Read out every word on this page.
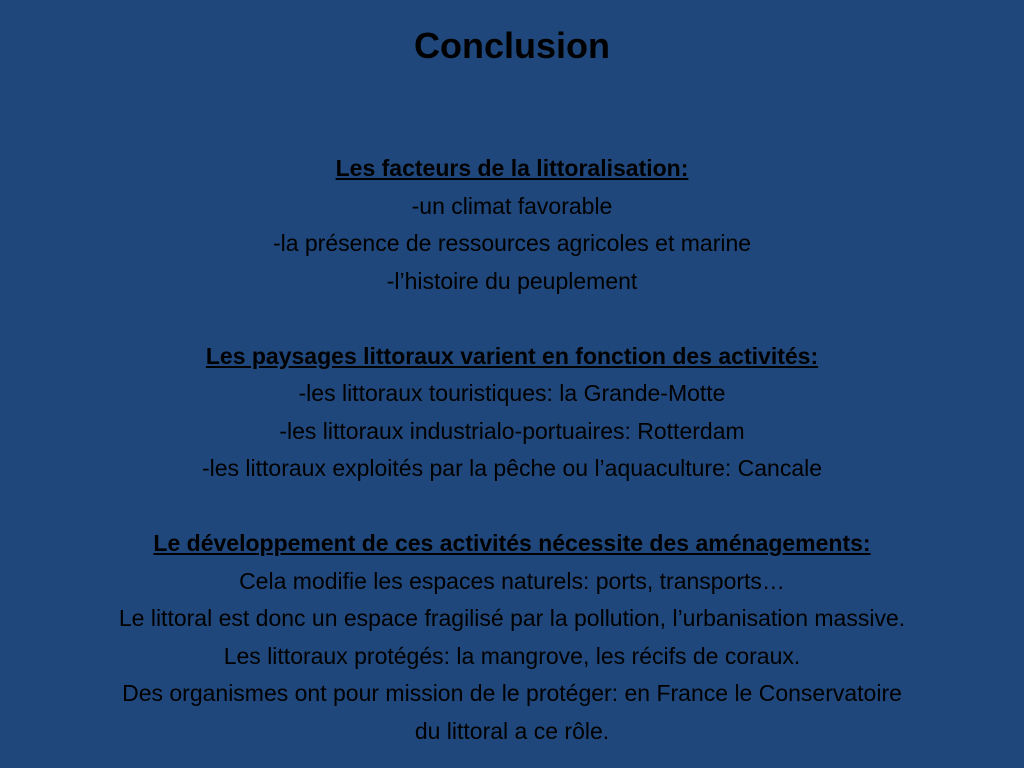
Conclusion
Les facteurs de la littoralisation:
-un climat favorable
-la présence de ressources agricoles et marine
-l’histoire du peuplement
Les paysages littoraux varient en fonction des activités:
-les littoraux touristiques: la Grande-Motte
-les littoraux industrialo-portuaires: Rotterdam
-les littoraux exploités par la pêche ou l’aquaculture: Cancale
Le développement de ces activités nécessite des aménagements:
Cela modifie les espaces naturels: ports, transports…
Le littoral est donc un espace fragilisé par la pollution, l’urbanisation massive.
Les littoraux protégés: la mangrove, les récifs de coraux.
Des organismes ont pour mission de le protéger: en France le Conservatoire
du littoral a ce rôle.
